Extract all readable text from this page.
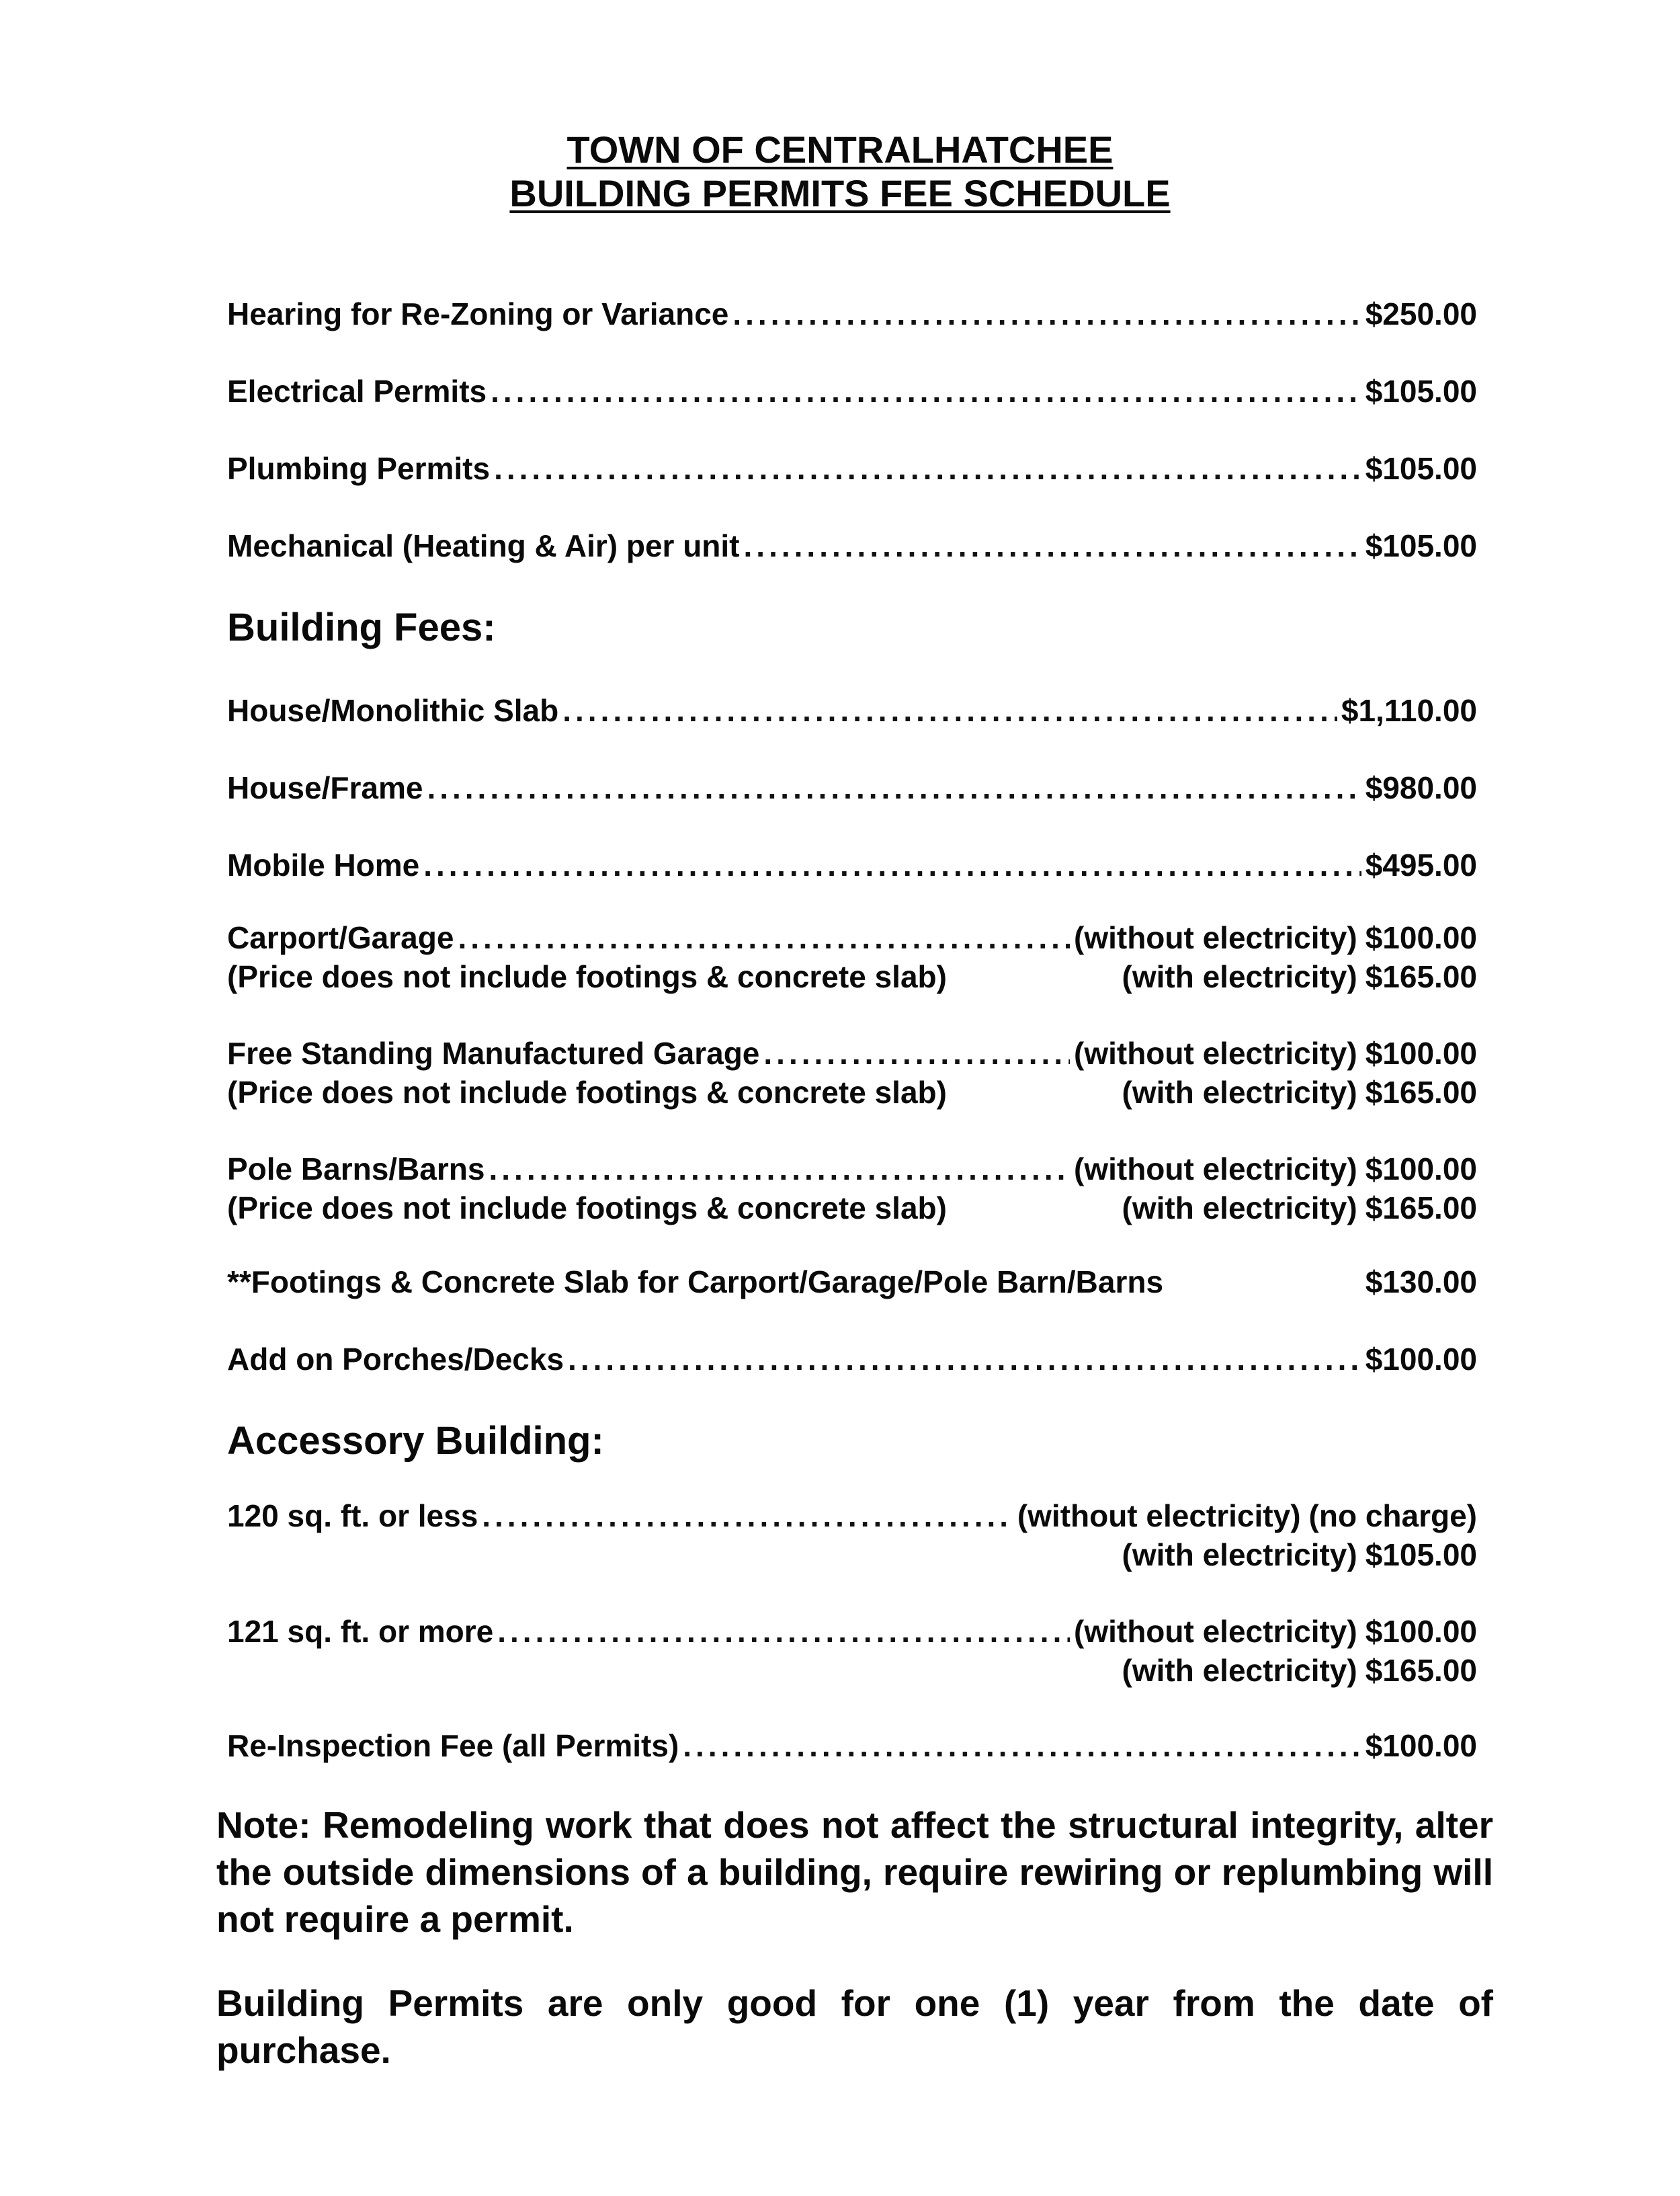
TOWN OF CENTRALHATCHEE
BUILDING PERMITS FEE SCHEDULE
Hearing for Re-Zoning or Variance .....	$250.00
Electrical Permits .....	$105.00
Plumbing Permits .....	$105.00
Mechanical (Heating & Air) per unit .....	$105.00
Building Fees:
House/Monolithic Slab .....	$1,110.00
House/Frame .....	$980.00
Mobile Home .....	$495.00
Carport/Garage .....	(without electricity) $100.00
(Price does not include footings & concrete slab)	(with electricity) $165.00
Free Standing Manufactured Garage .....	(without electricity) $100.00
(Price does not include footings & concrete slab)	(with electricity) $165.00
Pole Barns/Barns .....	(without electricity) $100.00
(Price does not include footings & concrete slab)	(with electricity) $165.00
**Footings & Concrete Slab for Carport/Garage/Pole Barn/Barns	$130.00
Add on Porches/Decks .....	$100.00
Accessory Building:
120 sq. ft. or less .....	(without electricity) (no charge)
(with electricity) $105.00
121 sq. ft. or more .....	(without electricity) $100.00
(with electricity) $165.00
Re-Inspection Fee (all Permits) .....	$100.00

Note: Remodeling work that does not affect the structural integrity, alter the outside dimensions of a building, require rewiring or replumbing will not require a permit.

Building Permits are only good for one (1) year from the date of purchase.
